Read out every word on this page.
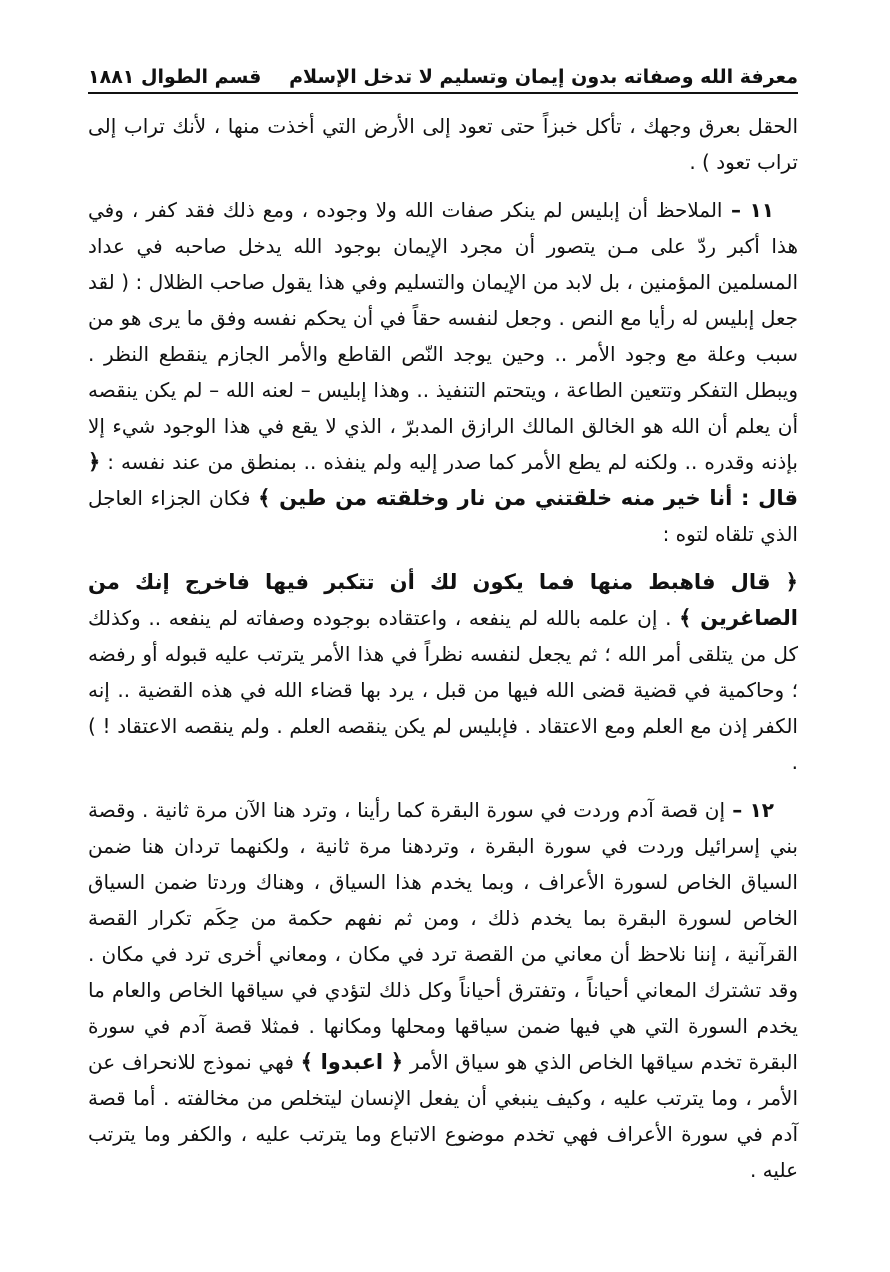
معرفة الله وصفاته بدون إيمان وتسليم لا تدخل الإسلام
قسم الطوال ١٨٨١

الحقل بعرق وجهك ، تأكل خبزاً حتى تعود إلى الأرض التي أخذت منها ، لأنك تراب إلى تراب تعود ) .

١١ – الملاحظ أن إبليس لم ينكر صفات الله ولا وجوده ، ومع ذلك فقد كفر ، وفي هذا أكبر ردّ على مـن يتصور أن مجرد الإيمان بوجود الله يدخل صاحبه في عداد المسلمين المؤمنين ، بل لابد من الإيمان والتسليم وفي هذا يقول صاحب الظلال : ( لقد جعل إبليس له رأيا مع النص . وجعل لنفسه حقاً في أن يحكم نفسه وفق ما يرى هو من سبب وعلة مع وجود الأمر .. وحين يوجد النّص القاطع والأمر الجازم ينقطع النظر . ويبطل التفكر وتتعين الطاعة ، ويتحتم التنفيذ .. وهذا إبليس – لعنه الله – لم يكن ينقصه أن يعلم أن الله هو الخالق المالك الرازق المدبرّ ، الذي لا يقع في هذا الوجود شيء إلا بإذنه وقدره .. ولكنه لم يطع الأمر كما صدر إليه ولم ينفذه .. بمنطق من عند نفسه : ﴿ قال : أنا خير منه خلقتني من نار وخلقته من طين ﴾ فكان الجزاء العاجل الذي تلقاه لتوه :

﴿ قال فاهبط منها فما يكون لك أن تتكبر فيها فاخرج إنك من الصاغرين ﴾ . إن علمه بالله لم ينفعه ، واعتقاده بوجوده وصفاته لم ينفعه .. وكذلك كل من يتلقى أمر الله ؛ ثم يجعل لنفسه نظراً في هذا الأمر يترتب عليه قبوله أو رفضه ؛ وحاكمية في قضية قضى الله فيها من قبل ، يرد بها قضاء الله في هذه القضية .. إنه الكفر إذن مع العلم ومع الاعتقاد . فإبليس لم يكن ينقصه العلم . ولم ينقصه الاعتقاد ! ) .

١٢ – إن قصة آدم وردت في سورة البقرة كما رأينا ، وترد هنا الآن مرة ثانية . وقصة بني إسرائيل وردت في سورة البقرة ، وتردهنا مرة ثانية ، ولكنهما تردان هنا ضمن السياق الخاص لسورة الأعراف ، وبما يخدم هذا السياق ، وهناك وردتا ضمن السياق الخاص لسورة البقرة بما يخدم ذلك ، ومن ثم نفهم حكمة من حِكَم تكرار القصة القرآنية ، إننا نلاحظ أن معاني من القصة ترد في مكان ، ومعاني أخرى ترد في مكان . وقد تشترك المعاني أحياناً ، وتفترق أحياناً وكل ذلك لتؤدي في سياقها الخاص والعام ما يخدم السورة التي هي فيها ضمن سياقها ومحلها ومكانها . فمثلا قصة آدم في سورة البقرة تخدم سياقها الخاص الذي هو سياق الأمر ﴿ اعبدوا ﴾ فهي نموذج للانحراف عن الأمر ، وما يترتب عليه ، وكيف ينبغي أن يفعل الإنسان ليتخلص من مخالفته . أما قصة آدم في سورة الأعراف فهي تخدم موضوع الاتباع وما يترتب عليه ، والكفر وما يترتب عليه .
